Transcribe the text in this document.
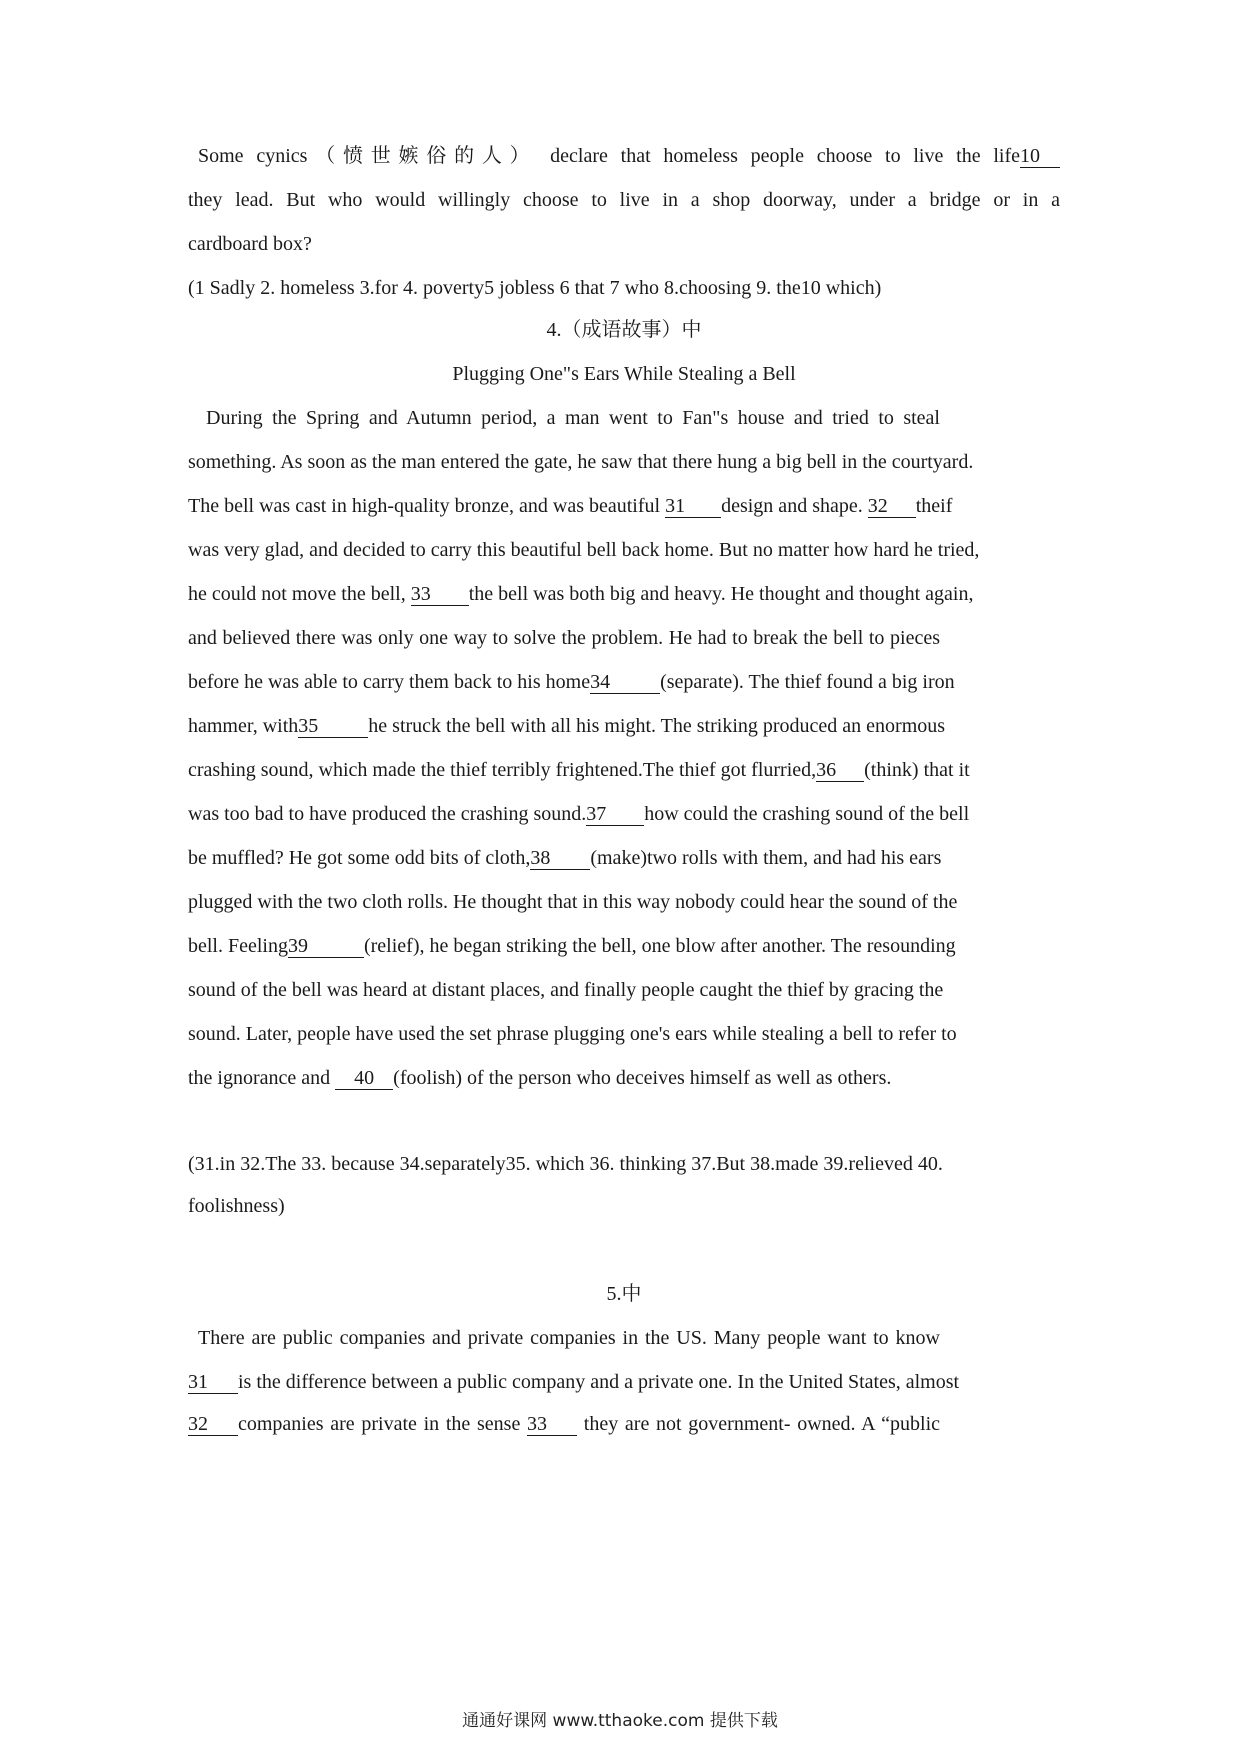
Some cynics（愤世嫉俗的人） declare that homeless people choose to live the life10
they lead. But who would willingly choose to live in a shop doorway, under a bridge or in a
cardboard box?
(1 Sadly 2. homeless 3.for 4. poverty5 jobless 6 that 7 who 8.choosing 9. the10 which)
4.（成语故事）中
Plugging One"s Ears While Stealing a Bell
During the Spring and Autumn period, a man went to Fan"s house and tried to steal
something. As soon as the man entered the gate, he saw that there hung a big bell in the courtyard.
The bell was cast in high-quality bronze, and was beautiful 31 design and shape. 32 theif
was very glad, and decided to carry this beautiful bell back home. But no matter how hard he tried,
he could not move the bell, 33 the bell was both big and heavy. He thought and thought again,
and believed there was only one way to solve the problem. He had to break the bell to pieces
before he was able to carry them back to his home34	(separate). The thief found a big iron
hammer, with35	he struck the bell with all his might. The striking produced an enormous
crashing sound, which made the thief terribly frightened.The thief got flurried,36 (think) that it
was too bad to have produced the crashing sound.37 how could the crashing sound of the bell
be muffled? He got some odd bits of cloth,38 (make)two rolls with them, and had his ears
plugged with the two cloth rolls. He thought that in this way nobody could hear the sound of the
bell. Feeling39	(relief), he began striking the bell, one blow after another. The resounding
sound of the bell was heard at distant places, and finally people caught the thief by gracing the
sound. Later, people have used the set phrase plugging one's ears while stealing a bell to refer to
the ignorance and 40 (foolish) of the person who deceives himself as well as others.
(31.in 32.The 33. because 34.separately35. which 36. thinking 37.But 38.made 39.relieved 40.
foolishness)
5.中
There are public companies and private companies in the US. Many people want to know
31 is the difference between a public company and a private one. In the United States, almost
32 companies are private in the sense 33 they are not government- owned. A “public
通通好课网 www.tthaoke.com 提供下载
